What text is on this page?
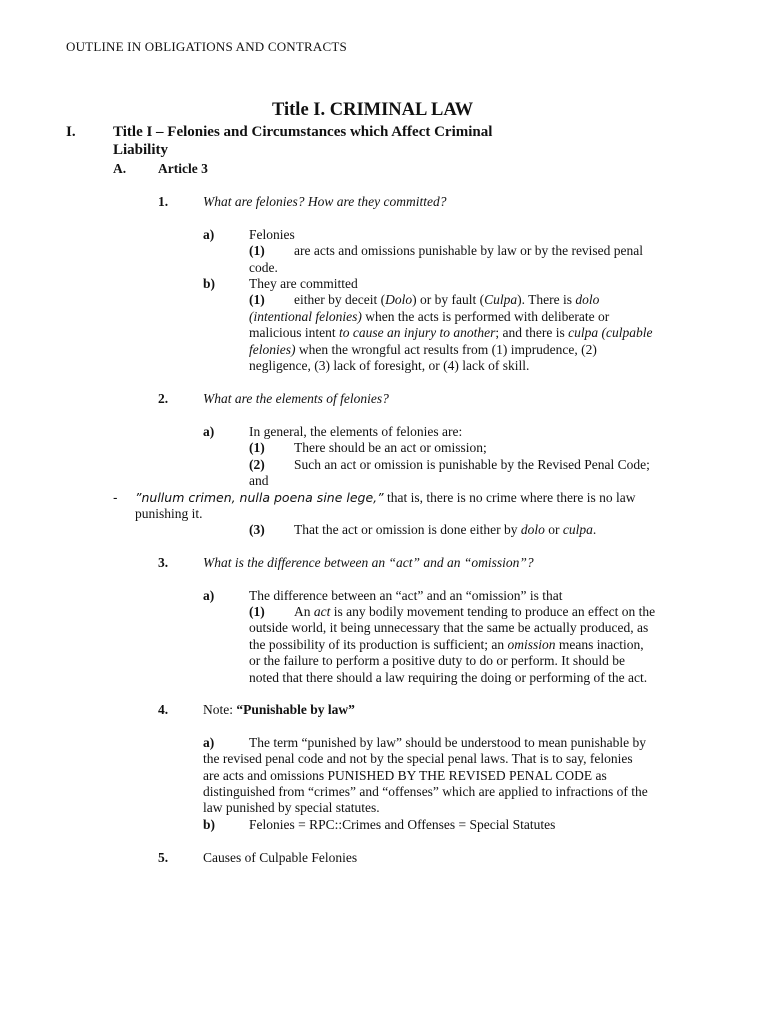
OUTLINE IN OBLIGATIONS AND CONTRACTS
Title I. CRIMINAL LAW
I. Title I – Felonies and Circumstances which Affect Criminal
Liability
A. Article 3
1.	What are felonies? How are they committed?
a)	Felonies
(1) are acts and omissions punishable by law or by the revised penal
code.
b)	They are committed
(1) either by deceit (Dolo) or by fault (Culpa). There is dolo
(intentional felonies) when the acts is performed with deliberate or
malicious intent to cause an injury to another; and there is culpa (culpable
felonies) when the wrongful act results from (1) imprudence, (2)
negligence, (3) lack of foresight, or (4) lack of skill.
2.	What are the elements of felonies?
a)	In general, the elements of felonies are:
(1) There should be an act or omission;
(2) Such an act or omission is punishable by the Revised Penal Code;
and
- ”nullum crimen, nulla poena sine lege,” that is, there is no crime where there is no law
punishing it.
(3) That the act or omission is done either by dolo or culpa.
3.	What is the difference between an “act” and an “omission”?
a)	The difference between an “act” and an “omission” is that
(1) An act is any bodily movement tending to produce an effect on the
outside world, it being unnecessary that the same be actually produced, as
the possibility of its production is sufficient; an omission means inaction,
or the failure to perform a positive duty to do or perform. It should be
noted that there should a law requiring the doing or performing of the act.
4.	Note: “Punishable by law”
a)	The term “punished by law” should be understood to mean punishable by
the revised penal code and not by the special penal laws. That is to say, felonies
are acts and omissions PUNISHED BY THE REVISED PENAL CODE as
distinguished from “crimes” and “offenses” which are applied to infractions of the
law punished by special statutes.
b)	Felonies = RPC::Crimes and Offenses = Special Statutes
5.	Causes of Culpable Felonies
